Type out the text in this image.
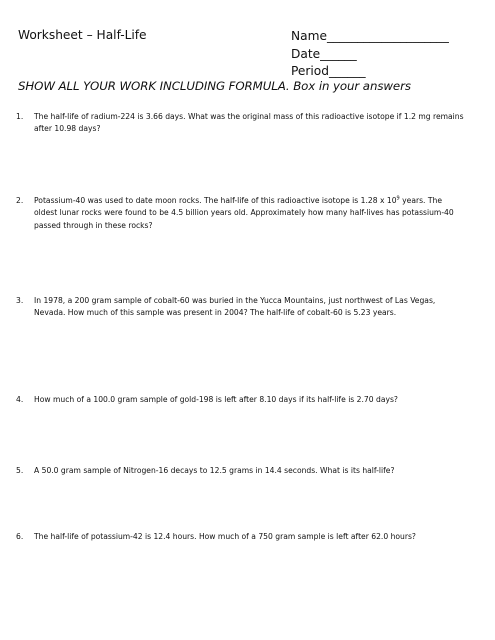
Worksheet – Half-Life	Name____________________
Date______
Period______
SHOW ALL YOUR WORK INCLUDING FORMULA. Box in your answers
1. The half-life of radium-224 is 3.66 days. What was the original mass of this radioactive isotope if 1.2 mg remains after 10.98 days?
2. Potassium-40 was used to date moon rocks. The half-life of this radioactive isotope is 1.28 x $10^9$ years. The oldest lunar rocks were found to be 4.5 billion years old. Approximately how many half-lives has potassium-40 passed through in these rocks?
3. In 1978, a 200 gram sample of cobalt-60 was buried in the Yucca Mountains, just northwest of Las Vegas, Nevada. How much of this sample was present in 2004? The half-life of cobalt-60 is 5.23 years.
4. How much of a 100.0 gram sample of gold-198 is left after 8.10 days if its half-life is 2.70 days?
5. A 50.0 gram sample of Nitrogen-16 decays to 12.5 grams in 14.4 seconds. What is its half-life?
6. The half-life of potassium-42 is 12.4 hours. How much of a 750 gram sample is left after 62.0 hours?
